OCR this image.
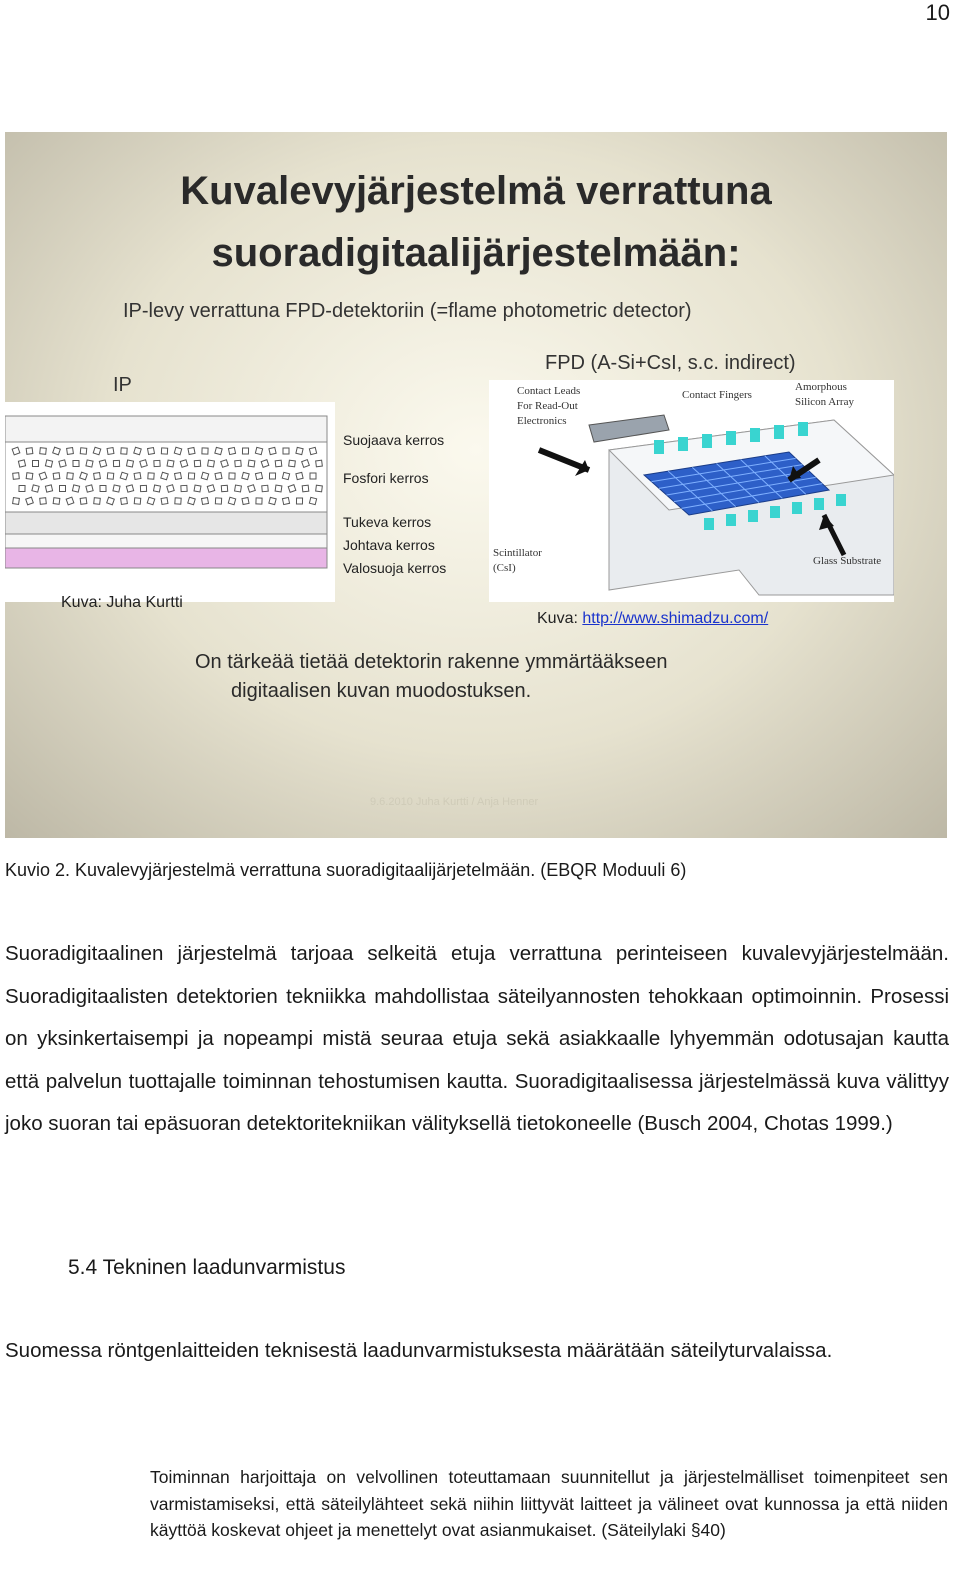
10
Kuvalevyjärjestelmä verrattuna
suoradigitaalijärjestelmään:
IP-levy verrattuna FPD-detektoriin (=flame photometric detector)
IP
FPD (A-Si+CsI, s.c. indirect)
Suojaava kerros
Fosfori kerros
Tukeva kerros
Johtava kerros
Valosuoja kerros
Kuva: Juha Kurtti
Contact Leads
For Read-Out
Electronics
Contact Fingers
Amorphous
Silicon Array
Scintillator
(CsI)
Glass Substrate
Kuva: http://www.shimadzu.com/
On tärkeää tietää detektorin rakenne ymmärtääkseen
digitaalisen kuvan muodostuksen.
9.6.2010 Juha Kurtti / Anja Henner
Kuvio 2. Kuvalevyjärjestelmä verrattuna suoradigitaalijärjetelmään. (EBQR Moduuli 6)
Suoradigitaalinen järjestelmä tarjoaa selkeitä etuja verrattuna perinteiseen kuvalevyjärjestelmään. Suoradigitaalisten detektorien tekniikka mahdollistaa säteilyannosten tehokkaan optimoinnin. Prosessi on yksinkertaisempi ja nopeampi mistä seuraa etuja sekä asiakkaalle lyhyemmän odotusajan kautta että palvelun tuottajalle toiminnan tehostumisen kautta. Suoradigitaalisessa järjestelmässä kuva välittyy joko suoran tai epäsuoran detektoritekniikan välityksellä tietokoneelle (Busch 2004, Chotas 1999.)
5.4 Tekninen laadunvarmistus
Suomessa röntgenlaitteiden teknisestä laadunvarmistuksesta määrätään säteilyturvalaissa.
Toiminnan harjoittaja on velvollinen toteuttamaan suunnitellut ja järjestelmälliset toimenpiteet sen varmistamiseksi, että säteilylähteet sekä niihin liittyvät laitteet ja välineet ovat kunnossa ja että niiden käyttöä koskevat ohjeet ja menettelyt ovat asianmukaiset. (Säteilylaki §40)
